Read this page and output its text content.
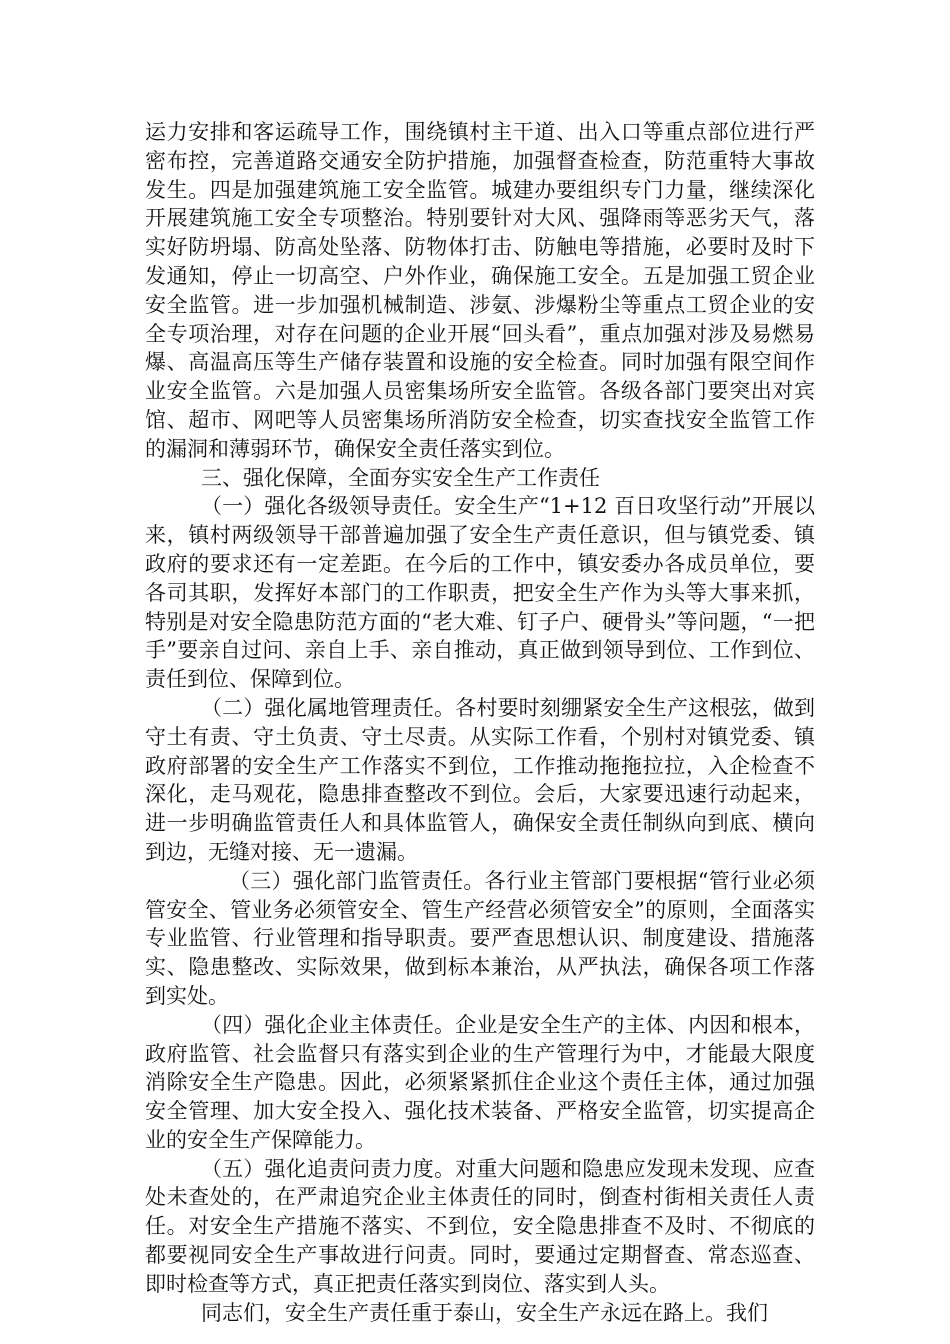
运力安排和客运疏导工作，围绕镇村主干道、出入口等重点部位进行严密布控，完善道路交通安全防护措施，加强督查检查，防范重特大事故发生。四是加强建筑施工安全监管。城建办要组织专门力量，继续深化开展建筑施工安全专项整治。特别要针对大风、强降雨等恶劣天气，落实好防坍塌、防高处坠落、防物体打击、防触电等措施，必要时及时下发通知，停止一切高空、户外作业，确保施工安全。五是加强工贸企业安全监管。进一步加强机械制造、涉氨、涉爆粉尘等重点工贸企业的安全专项治理，对存在问题的企业开展“回头看”，重点加强对涉及易燃易爆、高温高压等生产储存装置和设施的安全检查。同时加强有限空间作业安全监管。六是加强人员密集场所安全监管。各级各部门要突出对宾馆、超市、网吧等人员密集场所消防安全检查，切实查找安全监管工作的漏洞和薄弱环节，确保安全责任落实到位。

三、强化保障，全面夯实安全生产工作责任

（一）强化各级领导责任。安全生产“1+12 百日攻坚行动”开展以来，镇村两级领导干部普遍加强了安全生产责任意识，但与镇党委、镇政府的要求还有一定差距。在今后的工作中，镇安委办各成员单位，要各司其职，发挥好本部门的工作职责，把安全生产作为头等大事来抓，特别是对安全隐患防范方面的“老大难、钉子户、硬骨头”等问题，“一把手”要亲自过问、亲自上手、亲自推动，真正做到领导到位、工作到位、责任到位、保障到位。

（二）强化属地管理责任。各村要时刻绷紧安全生产这根弦，做到守土有责、守土负责、守土尽责。从实际工作看，个别村对镇党委、镇政府部署的安全生产工作落实不到位，工作推动拖拖拉拉，入企检查不深化，走马观花，隐患排查整改不到位。会后，大家要迅速行动起来，进一步明确监管责任人和具体监管人，确保安全责任制纵向到底、横向到边，无缝对接、无一遗漏。

（三）强化部门监管责任。各行业主管部门要根据“管行业必须管安全、管业务必须管安全、管生产经营必须管安全”的原则，全面落实专业监管、行业管理和指导职责。要严查思想认识、制度建设、措施落实、隐患整改、实际效果，做到标本兼治，从严执法，确保各项工作落到实处。

（四）强化企业主体责任。企业是安全生产的主体、内因和根本，政府监管、社会监督只有落实到企业的生产管理行为中，才能最大限度消除安全生产隐患。因此，必须紧紧抓住企业这个责任主体，通过加强安全管理、加大安全投入、强化技术装备、严格安全监管，切实提高企业的安全生产保障能力。

（五）强化追责问责力度。对重大问题和隐患应发现未发现、应查处未查处的，在严肃追究企业主体责任的同时，倒查村街相关责任人责任。对安全生产措施不落实、不到位，安全隐患排查不及时、不彻底的都要视同安全生产事故进行问责。同时，要通过定期督查、常态巡查、即时检查等方式，真正把责任落实到岗位、落实到人头。

同志们，安全生产责任重于泰山，安全生产永远在路上。我们
